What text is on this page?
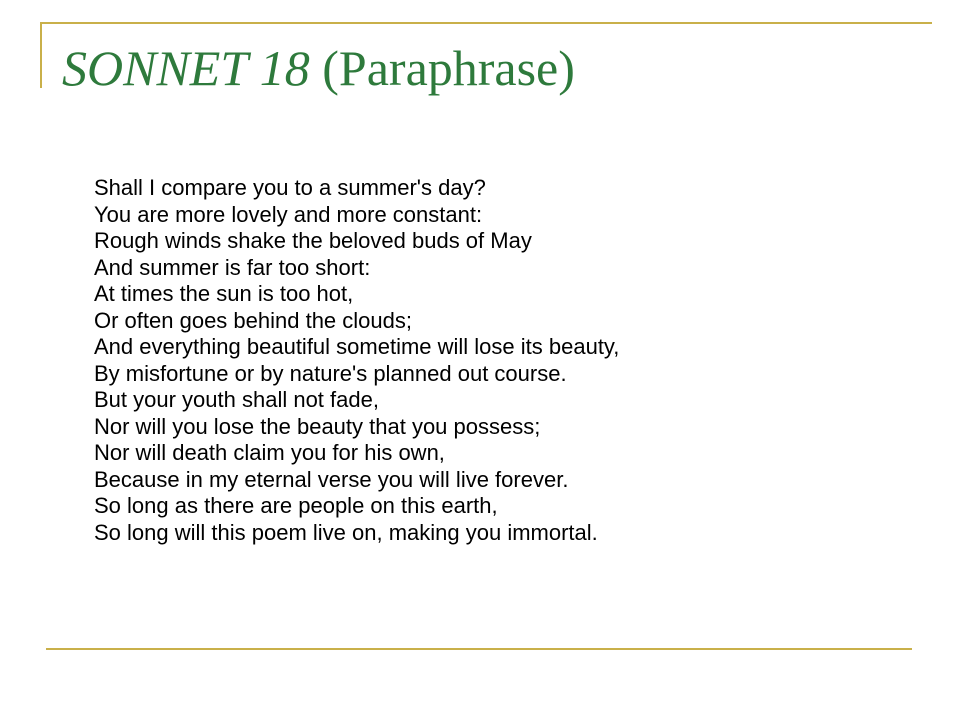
SONNET 18 (Paraphrase)
Shall I compare you to a summer's day?
You are more lovely and more constant:
Rough winds shake the beloved buds of May
And summer is far too short:
At times the sun is too hot,
Or often goes behind the clouds;
And everything beautiful sometime will lose its beauty,
By misfortune or by nature's planned out course.
But your youth shall not fade,
Nor will you lose the beauty that you possess;
Nor will death claim you for his own,
Because in my eternal verse you will live forever.
So long as there are people on this earth,
So long will this poem live on, making you immortal.
